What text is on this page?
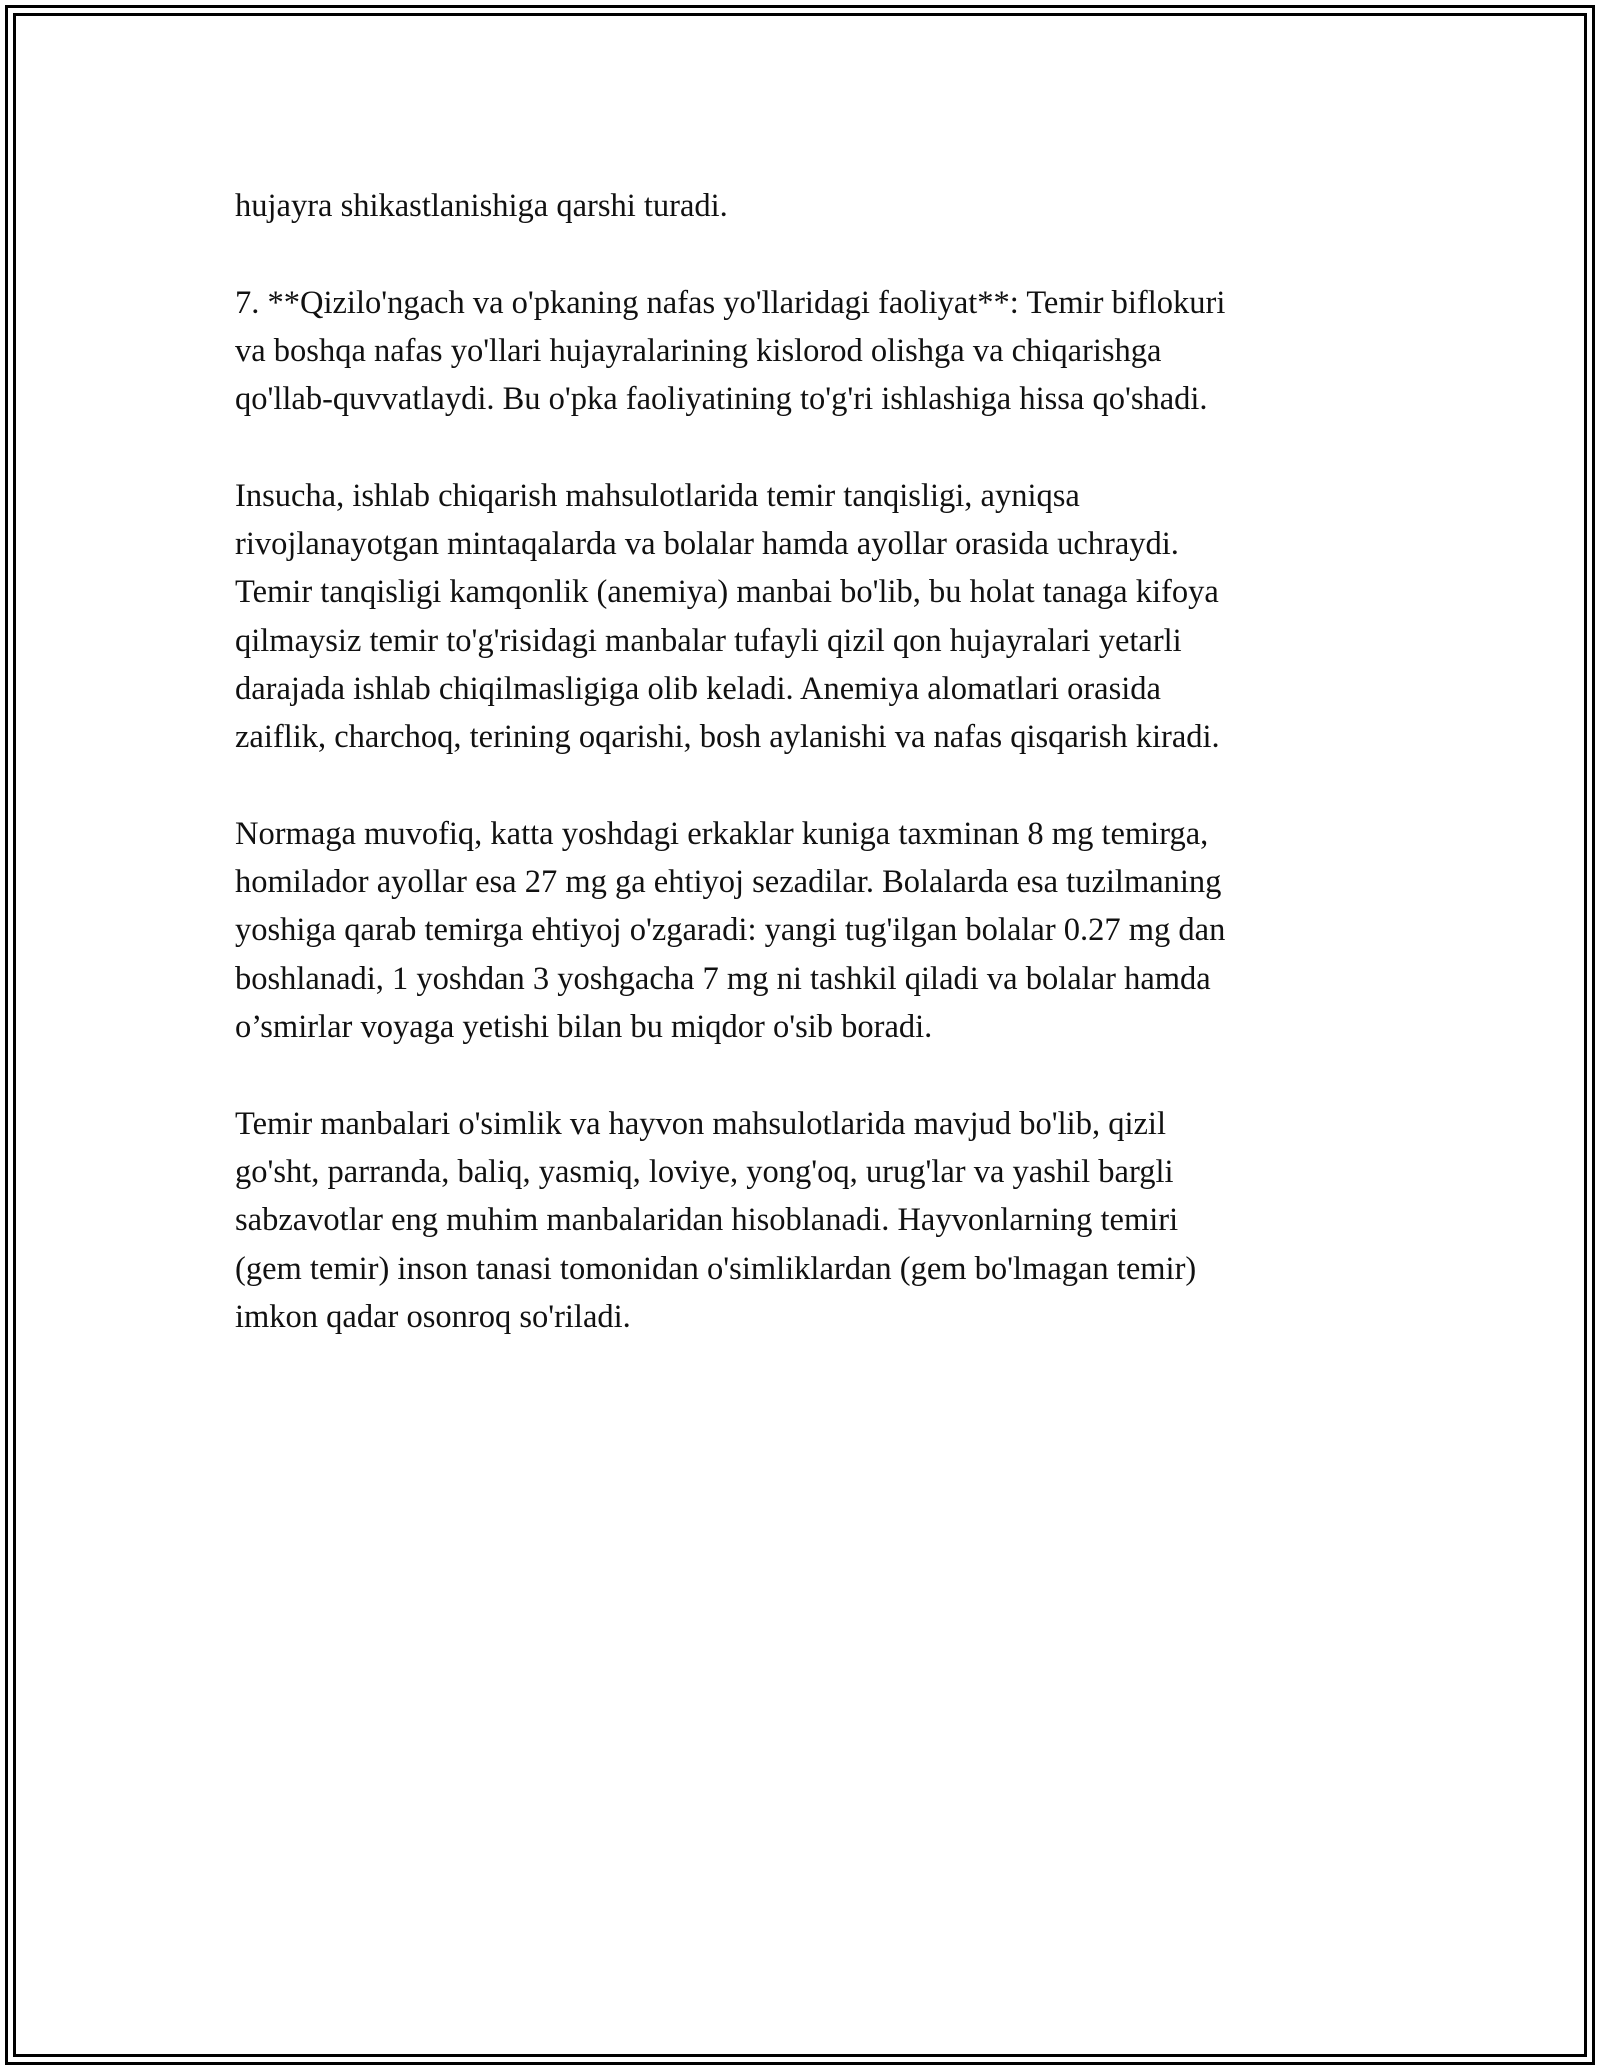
hujayra shikastlanishiga qarshi turadi.

7. **Qizilo'ngach va o'pkaning nafas yo'llaridagi faoliyat**: Temir biflokuri
va boshqa nafas yo'llari hujayralarining kislorod olishga va chiqarishga
qo'llab-quvvatlaydi. Bu o'pka faoliyatining to'g'ri ishlashiga hissa qo'shadi.

Insucha, ishlab chiqarish mahsulotlarida temir tanqisligi, ayniqsa
rivojlanayotgan mintaqalarda va bolalar hamda ayollar orasida uchraydi.
Temir tanqisligi kamqonlik (anemiya) manbai bo'lib, bu holat tanaga kifoya
qilmaysiz temir to'g'risidagi manbalar tufayli qizil qon hujayralari yetarli
darajada ishlab chiqilmasligiga olib keladi. Anemiya alomatlari orasida
zaiflik, charchoq, terining oqarishi, bosh aylanishi va nafas qisqarish kiradi.

Normaga muvofiq, katta yoshdagi erkaklar kuniga taxminan 8 mg temirga,
homilador ayollar esa 27 mg ga ehtiyoj sezadilar. Bolalarda esa tuzilmaning
yoshiga qarab temirga ehtiyoj o'zgaradi: yangi tug'ilgan bolalar 0.27 mg dan
boshlanadi, 1 yoshdan 3 yoshgacha 7 mg ni tashkil qiladi va bolalar hamda
o’smirlar voyaga yetishi bilan bu miqdor o'sib boradi.

Temir manbalari o'simlik va hayvon mahsulotlarida mavjud bo'lib, qizil
go'sht, parranda, baliq, yasmiq, loviye, yong'oq, urug'lar va yashil bargli
sabzavotlar eng muhim manbalaridan hisoblanadi. Hayvonlarning temiri
(gem temir) inson tanasi tomonidan o'simliklardan (gem bo'lmagan temir)
imkon qadar osonroq so'riladi.
